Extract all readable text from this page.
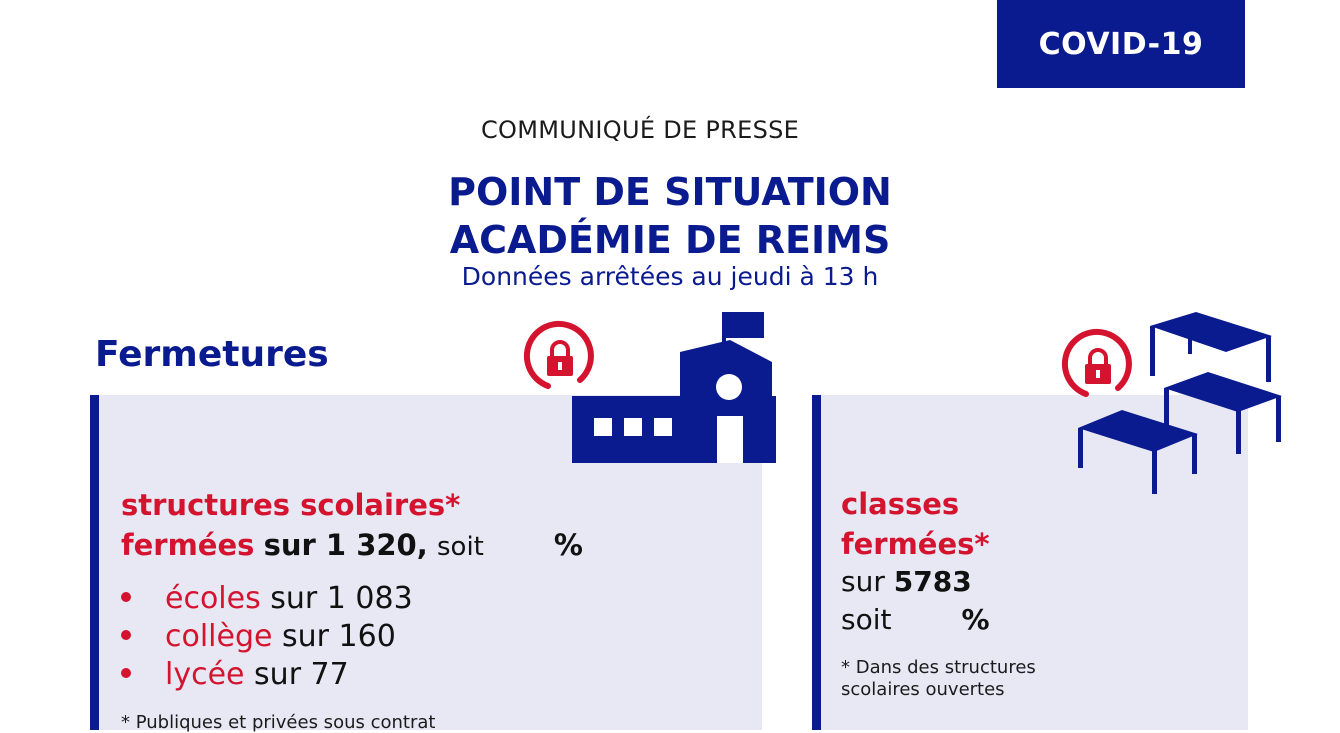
COVID-19
COMMUNIQUÉ DE PRESSE
POINT DE SITUATION
ACADÉMIE DE REIMS
Données arrêtées au jeudi à 13 h
Fermetures
structures scolaires*
fermées sur 1 320, soit %
écoles sur 1 083
collège sur 160
lycée sur 77
* Publiques et privées sous contrat
classes
fermées*
sur 5783
soit	%
* Dans des structures
scolaires ouvertes
